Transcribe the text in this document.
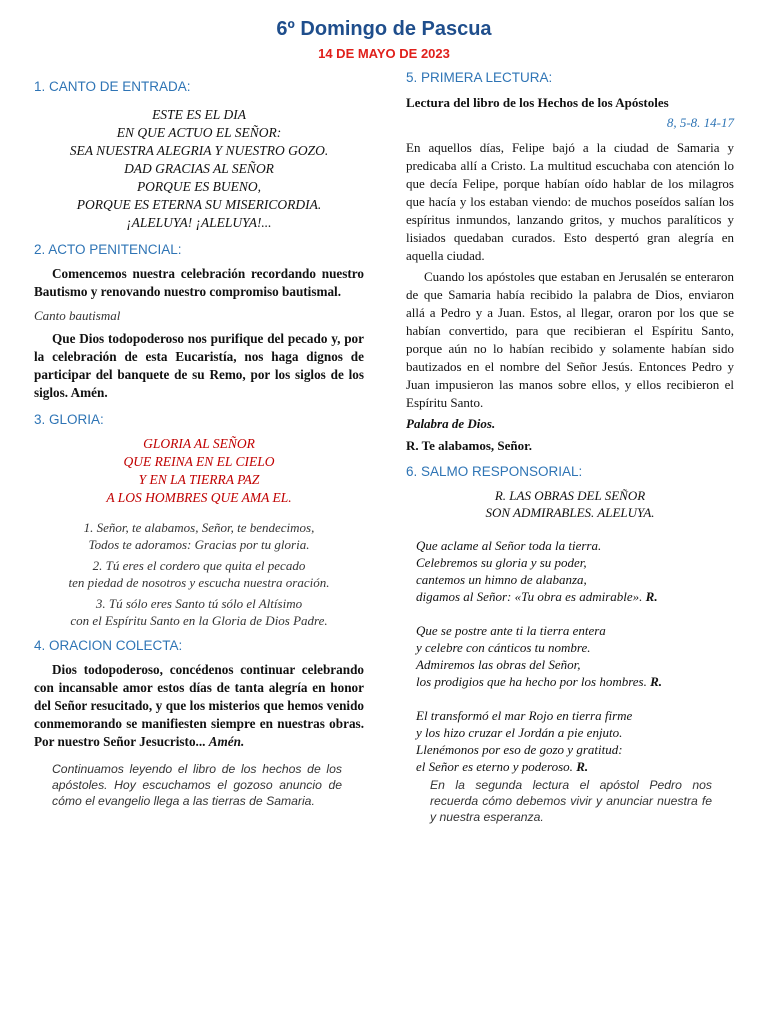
6º Domingo de Pascua
14 DE MAYO DE 2023
1. CANTO DE ENTRADA:
ESTE ES EL DIA
EN QUE ACTUO EL SEÑOR:
SEA NUESTRA ALEGRIA Y NUESTRO GOZO.
DAD GRACIAS AL SEÑOR
PORQUE ES BUENO,
PORQUE ES ETERNA SU MISERICORDIA.
¡ALELUYA! ¡ALELUYA!...
2. ACTO PENITENCIAL:

Comencemos nuestra celebración recordando nuestro Bautismo y renovando nuestro compromiso bautismal.

Canto bautismal

Que Dios todopoderoso nos purifique del pecado y, por la celebración de esta Eucaristía, nos haga dignos de participar del banquete de su Remo, por los siglos de los siglos. Amén.

3. GLORIA:
GLORIA AL SEÑOR
QUE REINA EN EL CIELO
Y EN LA TIERRA PAZ
A LOS HOMBRES QUE AMA EL.
1. Señor, te alabamos, Señor, te bendecimos,
Todos te adoramos: Gracias por tu gloria.
2. Tú eres el cordero que quita el pecado
ten piedad de nosotros y escucha nuestra oración.
3. Tú sólo eres Santo tú sólo el Altísimo
con el Espíritu Santo en la Gloria de Dios Padre.
4. ORACION COLECTA:

Dios todopoderoso, concédenos continuar celebrando con incansable amor estos días de tanta alegría en honor del Señor resucitado, y que los misterios que hemos venido conmemorando se manifiesten siempre en nuestras obras. Por nuestro Señor Jesucristo... Amén.

Continuamos leyendo el libro de los hechos de los apóstoles. Hoy escuchamos el gozoso anuncio de cómo el evangelio llega a las tierras de Samaria.
5. PRIMERA LECTURA:
Lectura del libro de los Hechos de los Apóstoles
8, 5-8. 14-17

En aquellos días, Felipe bajó a la ciudad de Samaria y predicaba allí a Cristo. La multitud escuchaba con atención lo que decía Felipe, porque habían oído hablar de los milagros que hacía y los estaban viendo: de muchos poseídos salían los espíritus inmundos, lanzando gritos, y muchos paralíticos y lisiados quedaban curados. Esto despertó gran alegría en aquella ciudad.

Cuando los apóstoles que estaban en Jerusalén se enteraron de que Samaria había recibido la palabra de Dios, enviaron allá a Pedro y a Juan. Estos, al llegar, oraron por los que se habían convertido, para que recibieran el Espíritu Santo, porque aún no lo habían recibido y solamente habían sido bautizados en el nombre del Señor Jesús. Entonces Pedro y Juan impusieron las manos sobre ellos, y ellos recibieron el Espíritu Santo.

Palabra de Dios.
R. Te alabamos, Señor.
6. SALMO RESPONSORIAL:
R. LAS OBRAS DEL SEÑOR
SON ADMIRABLES. ALELUYA.
Que aclame al Señor toda la tierra.
Celebremos su gloria y su poder,
cantemos un himno de alabanza,
digamos al Señor: «Tu obra es admirable». R.
Que se postre ante ti la tierra entera
y celebre con cánticos tu nombre.
Admiremos las obras del Señor,
los prodigios que ha hecho por los hombres. R.
El transformó el mar Rojo en tierra firme
y los hizo cruzar el Jordán a pie enjuto.
Llenémonos por eso de gozo y gratitud:
el Señor es eterno y poderoso. R.
En la segunda lectura el apóstol Pedro nos recuerda cómo debemos vivir y anunciar nuestra fe y nuestra esperanza.
